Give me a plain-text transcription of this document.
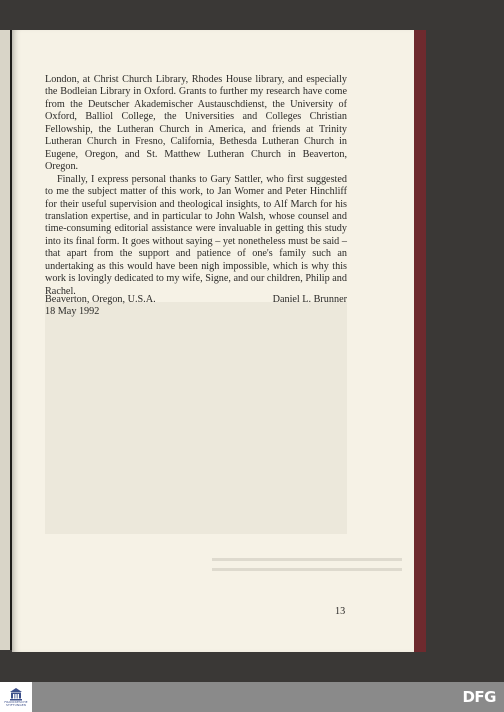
London, at Christ Church Library, Rhodes House library, and especially the Bodleian Library in Oxford. Grants to further my research have come from the Deutscher Akademischer Austauschdienst, the University of Oxford, Balliol College, the Universities and Colleges Christian Fellowship, the Lutheran Church in America, and friends at Trinity Lutheran Church in Fresno, California, Bethesda Lutheran Church in Eugene, Oregon, and St. Matthew Lutheran Church in Beaverton, Oregon.

Finally, I express personal thanks to Gary Sattler, who first suggested to me the subject matter of this work, to Jan Womer and Peter Hinchliff for their useful supervision and theological insights, to Alf March for his translation expertise, and in particular to John Walsh, whose counsel and time-consuming editorial assistance were invaluable in getting this study into its final form. It goes without saying – yet nonetheless must be said – that apart from the support and patience of one's family such an undertaking as this would have been nigh impossible, which is why this work is lovingly dedicated to my wife, Signe, and our children, Philip and Rachel.

Beaverton, Oregon, U.S.A.	Daniel L. Brunner
18 May 1992
13
FRANCKESCHE
STIFTUNGEN	DFG
